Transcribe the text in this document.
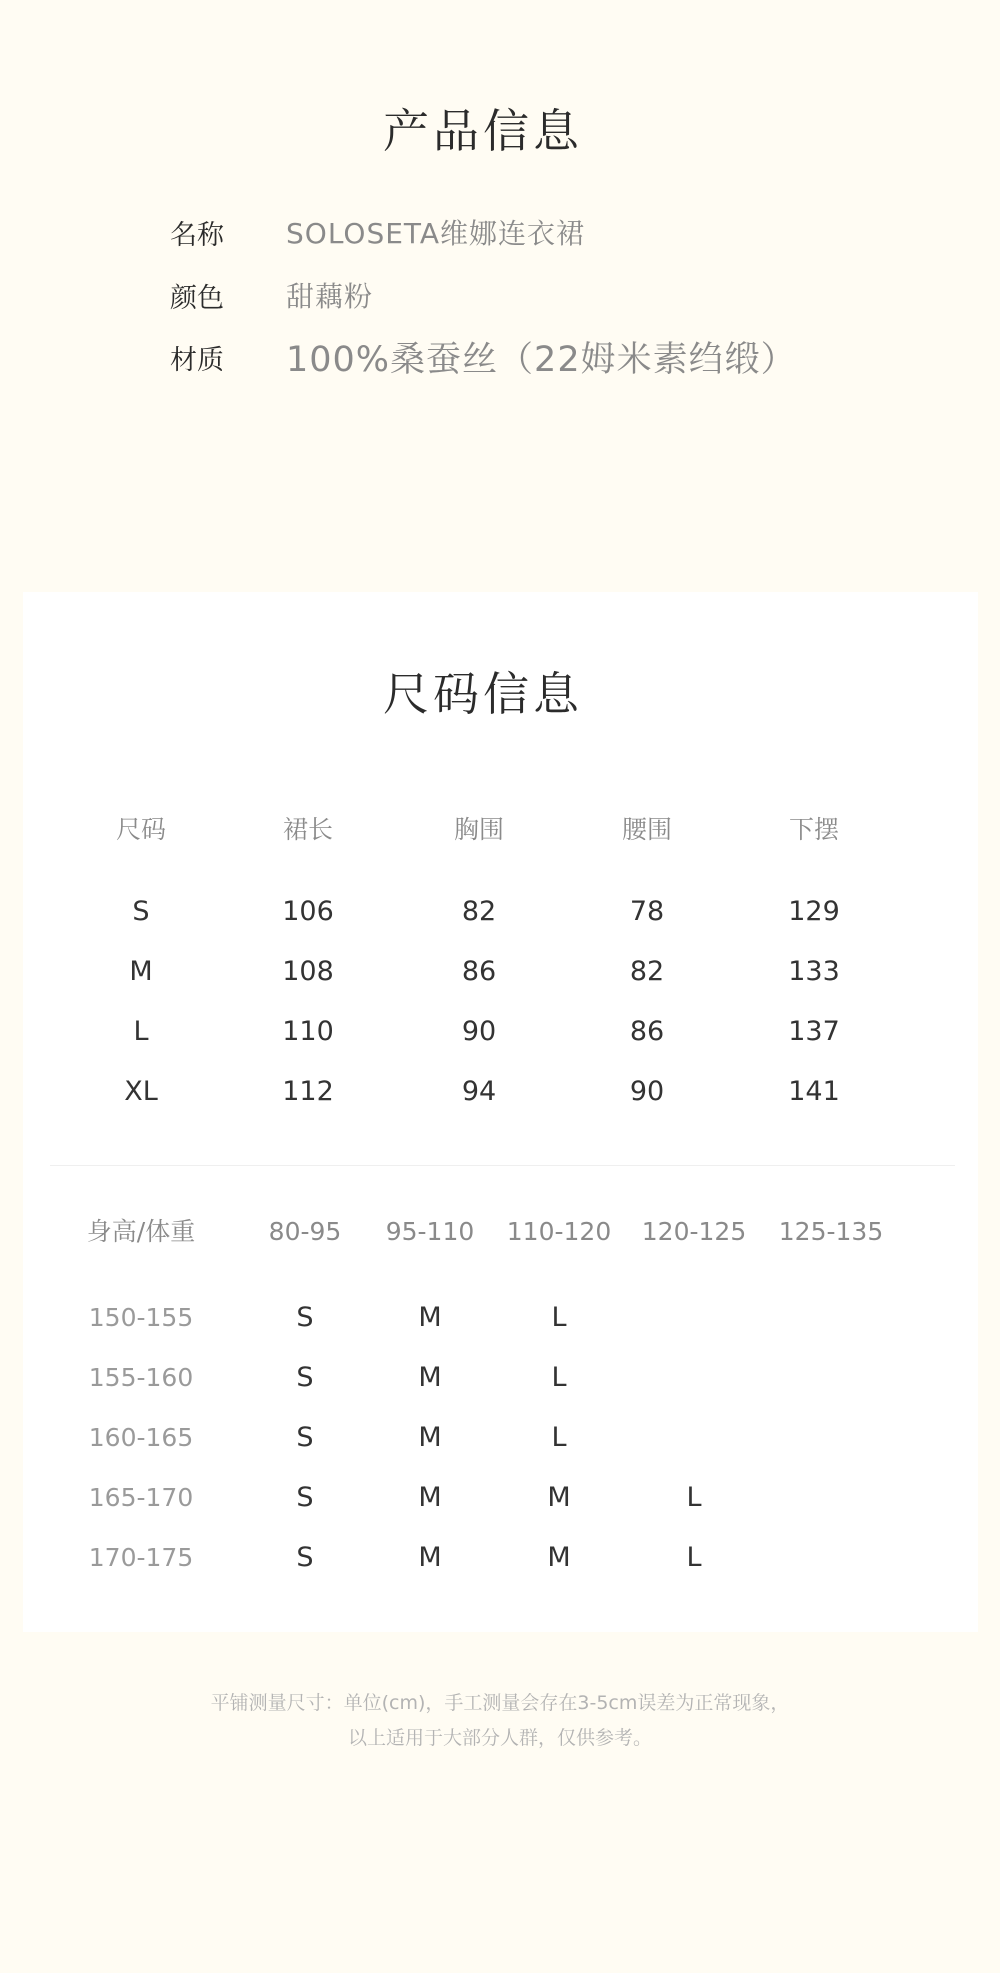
产品信息
名称	SOLOSETA维娜连衣裙
颜色	甜藕粉
材质	100%桑蚕丝（22姆米素绉缎）
尺码信息
尺码	裙长	胸围	腰围	下摆
S	106	82	78	129
M	108	86	82	133
L	110	90	86	137
XL	112	94	90	141
身高/体重	80-95	95-110	110-120	120-125	125-135
150-155	S	M	L
155-160	S	M	L
160-165	S	M	L
165-170	S	M	M	L
170-175	S	M	M	L
平铺测量尺寸：单位(cm)，手工测量会存在3-5cm误差为正常现象，
以上适用于大部分人群，仅供参考。
